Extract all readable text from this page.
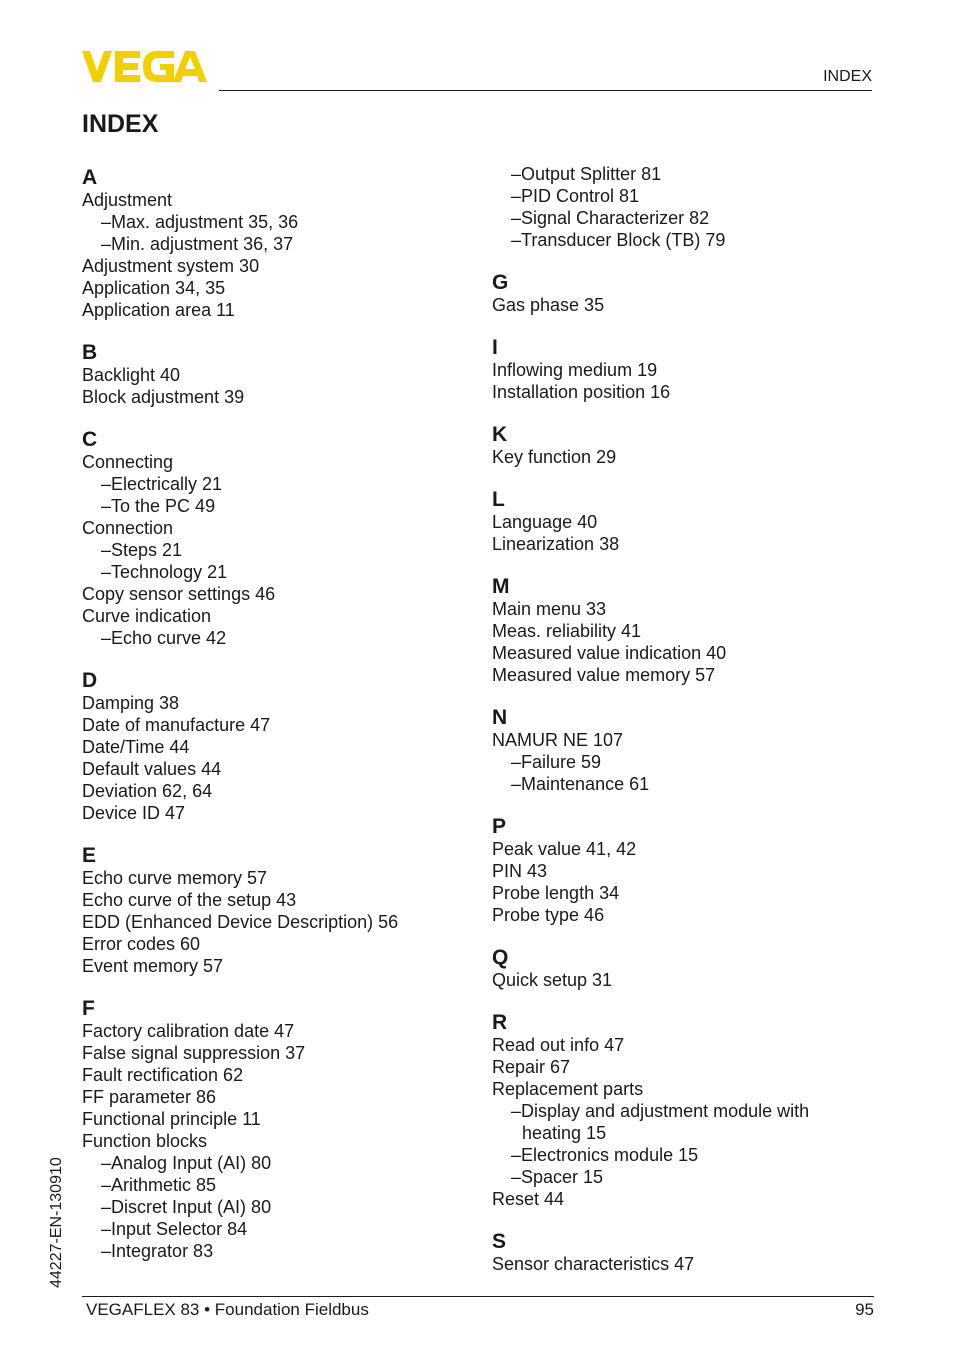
INDEX
INDEX
A
Adjustment
– Max. adjustment 35, 36
– Min. adjustment 36, 37
Adjustment system 30
Application 34, 35
Application area 11
B
Backlight 40
Block adjustment 39
C
Connecting
– Electrically 21
– To the PC 49
Connection
– Steps 21
– Technology 21
Copy sensor settings 46
Curve indication
– Echo curve 42
D
Damping 38
Date of manufacture 47
Date/Time 44
Default values 44
Deviation 62, 64
Device ID 47
E
Echo curve memory 57
Echo curve of the setup 43
EDD (Enhanced Device Description) 56
Error codes 60
Event memory 57
F
Factory calibration date 47
False signal suppression 37
Fault rectification 62
FF parameter 86
Functional principle 11
Function blocks
– Analog Input (AI) 80
– Arithmetic 85
– Discret Input (AI) 80
– Input Selector 84
– Integrator 83
– Output Splitter 81
– PID Control 81
– Signal Characterizer 82
– Transducer Block (TB) 79
G
Gas phase 35
I
Inflowing medium 19
Installation position 16
K
Key function 29
L
Language 40
Linearization 38
M
Main menu 33
Meas. reliability 41
Measured value indication 40
Measured value memory 57
N
NAMUR NE 107
– Failure 59
– Maintenance 61
P
Peak value 41, 42
PIN 43
Probe length 34
Probe type 46
Q
Quick setup 31
R
Read out info 47
Repair 67
Replacement parts
– Display and adjustment module with
heating 15
– Electronics module 15
– Spacer 15
Reset 44
S
Sensor characteristics 47
44227-EN-130910
VEGAFLEX 83 • Foundation Fieldbus	95
